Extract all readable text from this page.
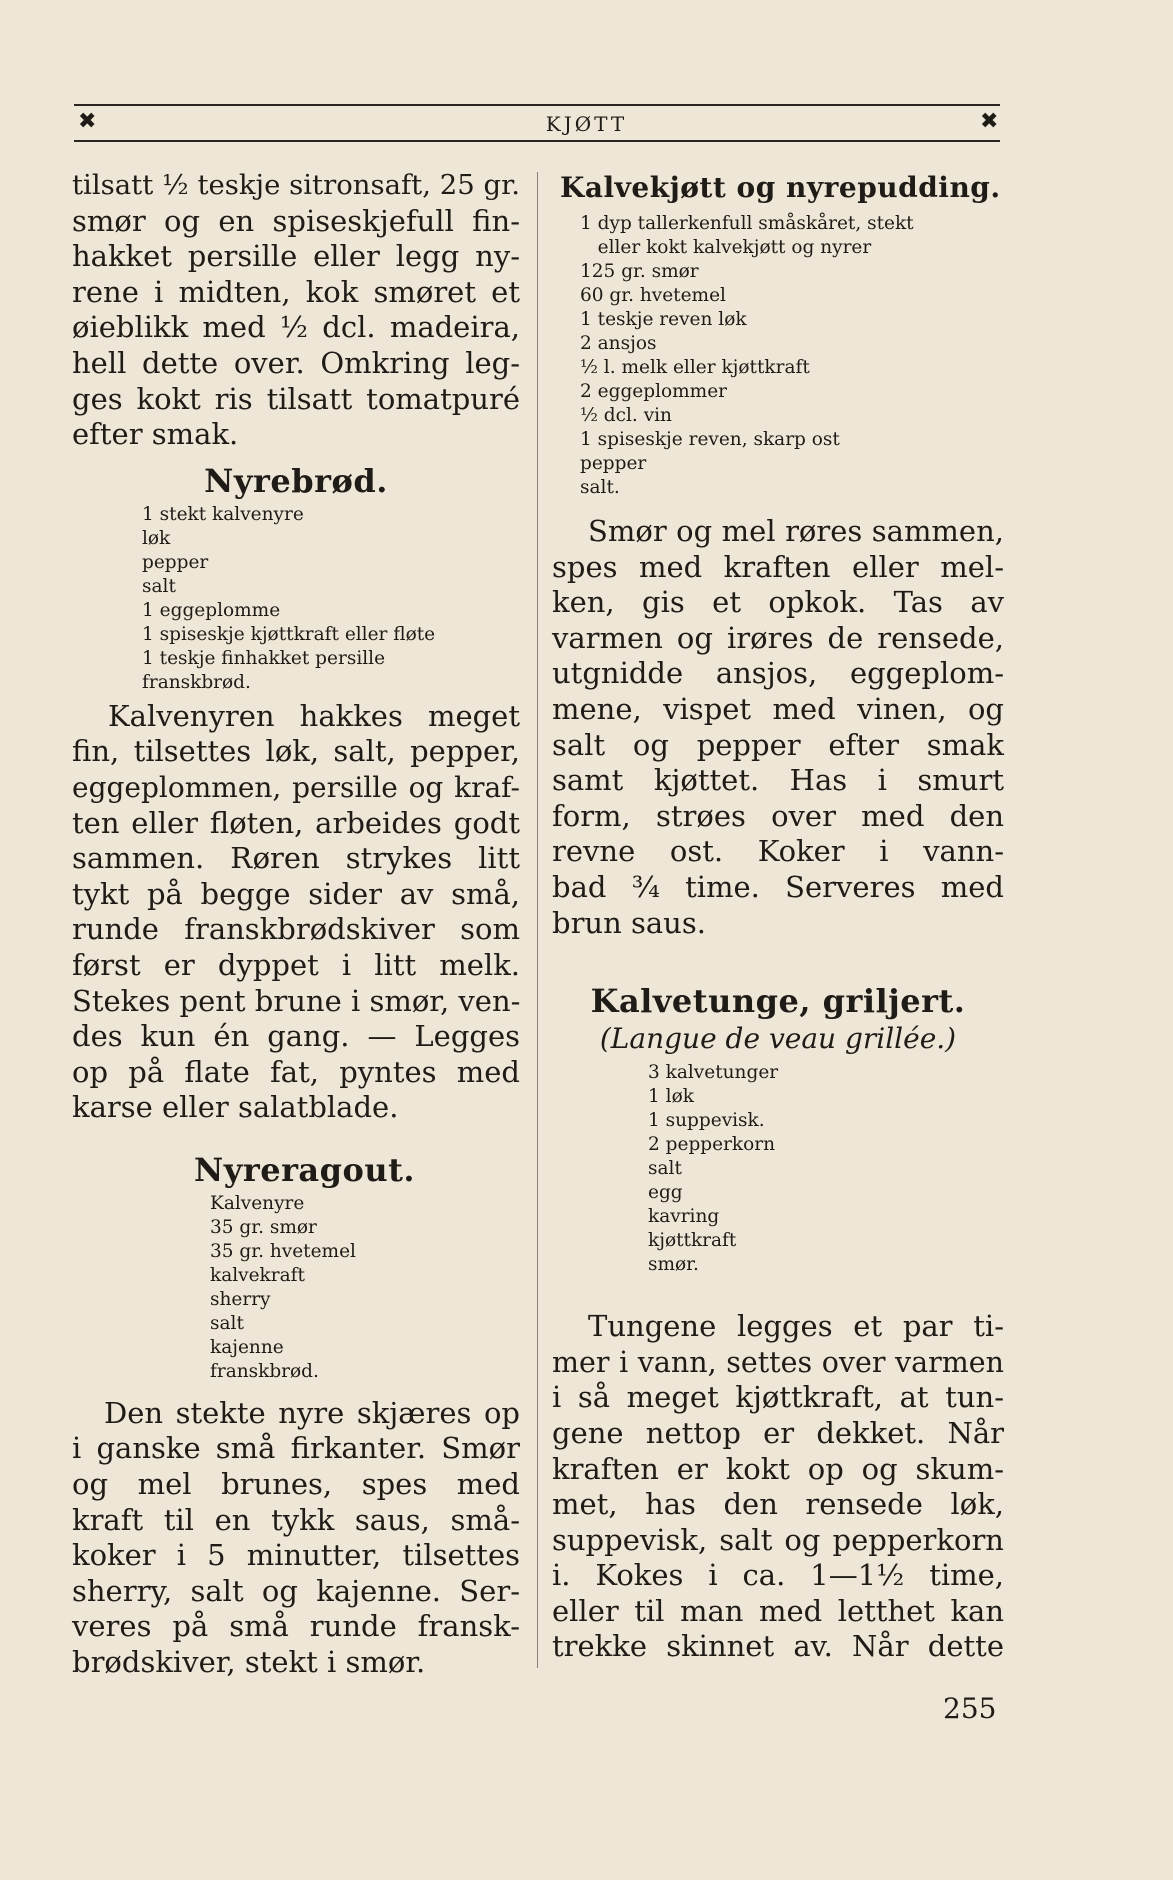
✖	KJØTT	✖
tilsatt ½ teskje sitronsaft, 25 gr.
smør og en spiseskjefull fin-
hakket persille eller legg ny-
rene i midten, kok smøret et
øieblikk med ½ dcl. madeira,
hell dette over. Omkring leg-
ges kokt ris tilsatt tomatpuré
efter smak.
Nyrebrød.
1 stekt kalvenyre
løk
pepper
salt
1 eggeplomme
1 spiseskje kjøttkraft eller fløte
1 teskje finhakket persille
franskbrød.
Kalvenyren hakkes meget
fin, tilsettes løk, salt, pepper,
eggeplommen, persille og kraf-
ten eller fløten, arbeides godt
sammen. Røren strykes litt
tykt på begge sider av små,
runde franskbrødskiver som
først er dyppet i litt melk.
Stekes pent brune i smør, ven-
des kun én gang. — Legges
op på flate fat, pyntes med
karse eller salatblade.
Nyreragout.
Kalvenyre
35 gr. smør
35 gr. hvetemel
kalvekraft
sherry
salt
kajenne
franskbrød.
Den stekte nyre skjæres op
i ganske små firkanter. Smør
og mel brunes, spes med
kraft til en tykk saus, små-
koker i 5 minutter, tilsettes
sherry, salt og kajenne. Ser-
veres på små runde fransk-
brødskiver, stekt i smør.
Kalvekjøtt og nyrepudding.
1 dyp tallerkenfull småskåret, stekt
eller kokt kalvekjøtt og nyrer
125 gr. smør
60 gr. hvetemel
1 teskje reven løk
2 ansjos
½ l. melk eller kjøttkraft
2 eggeplommer
½ dcl. vin
1 spiseskje reven, skarp ost
pepper
salt.
Smør og mel røres sammen,
spes med kraften eller mel-
ken, gis et opkok. Tas av
varmen og irøres de rensede,
utgnidde ansjos, eggeplom-
mene, vispet med vinen, og
salt og pepper efter smak
samt kjøttet. Has i smurt
form, strøes over med den
revne ost. Koker i vann-
bad ¾ time. Serveres med
brun saus.
Kalvetunge, griljert.

(Langue de veau grillée.)

3 kalvetunger
1 løk
1 suppevisk.
2 pepperkorn
salt
egg
kavring
kjøttkraft
smør.
Tungene legges et par ti-
mer i vann, settes over varmen
i så meget kjøttkraft, at tun-
gene nettop er dekket. Når
kraften er kokt op og skum-
met, has den rensede løk,
suppevisk, salt og pepperkorn
i. Kokes i ca. 1—1½ time,
eller til man med letthet kan
trekke skinnet av. Når dette
255
